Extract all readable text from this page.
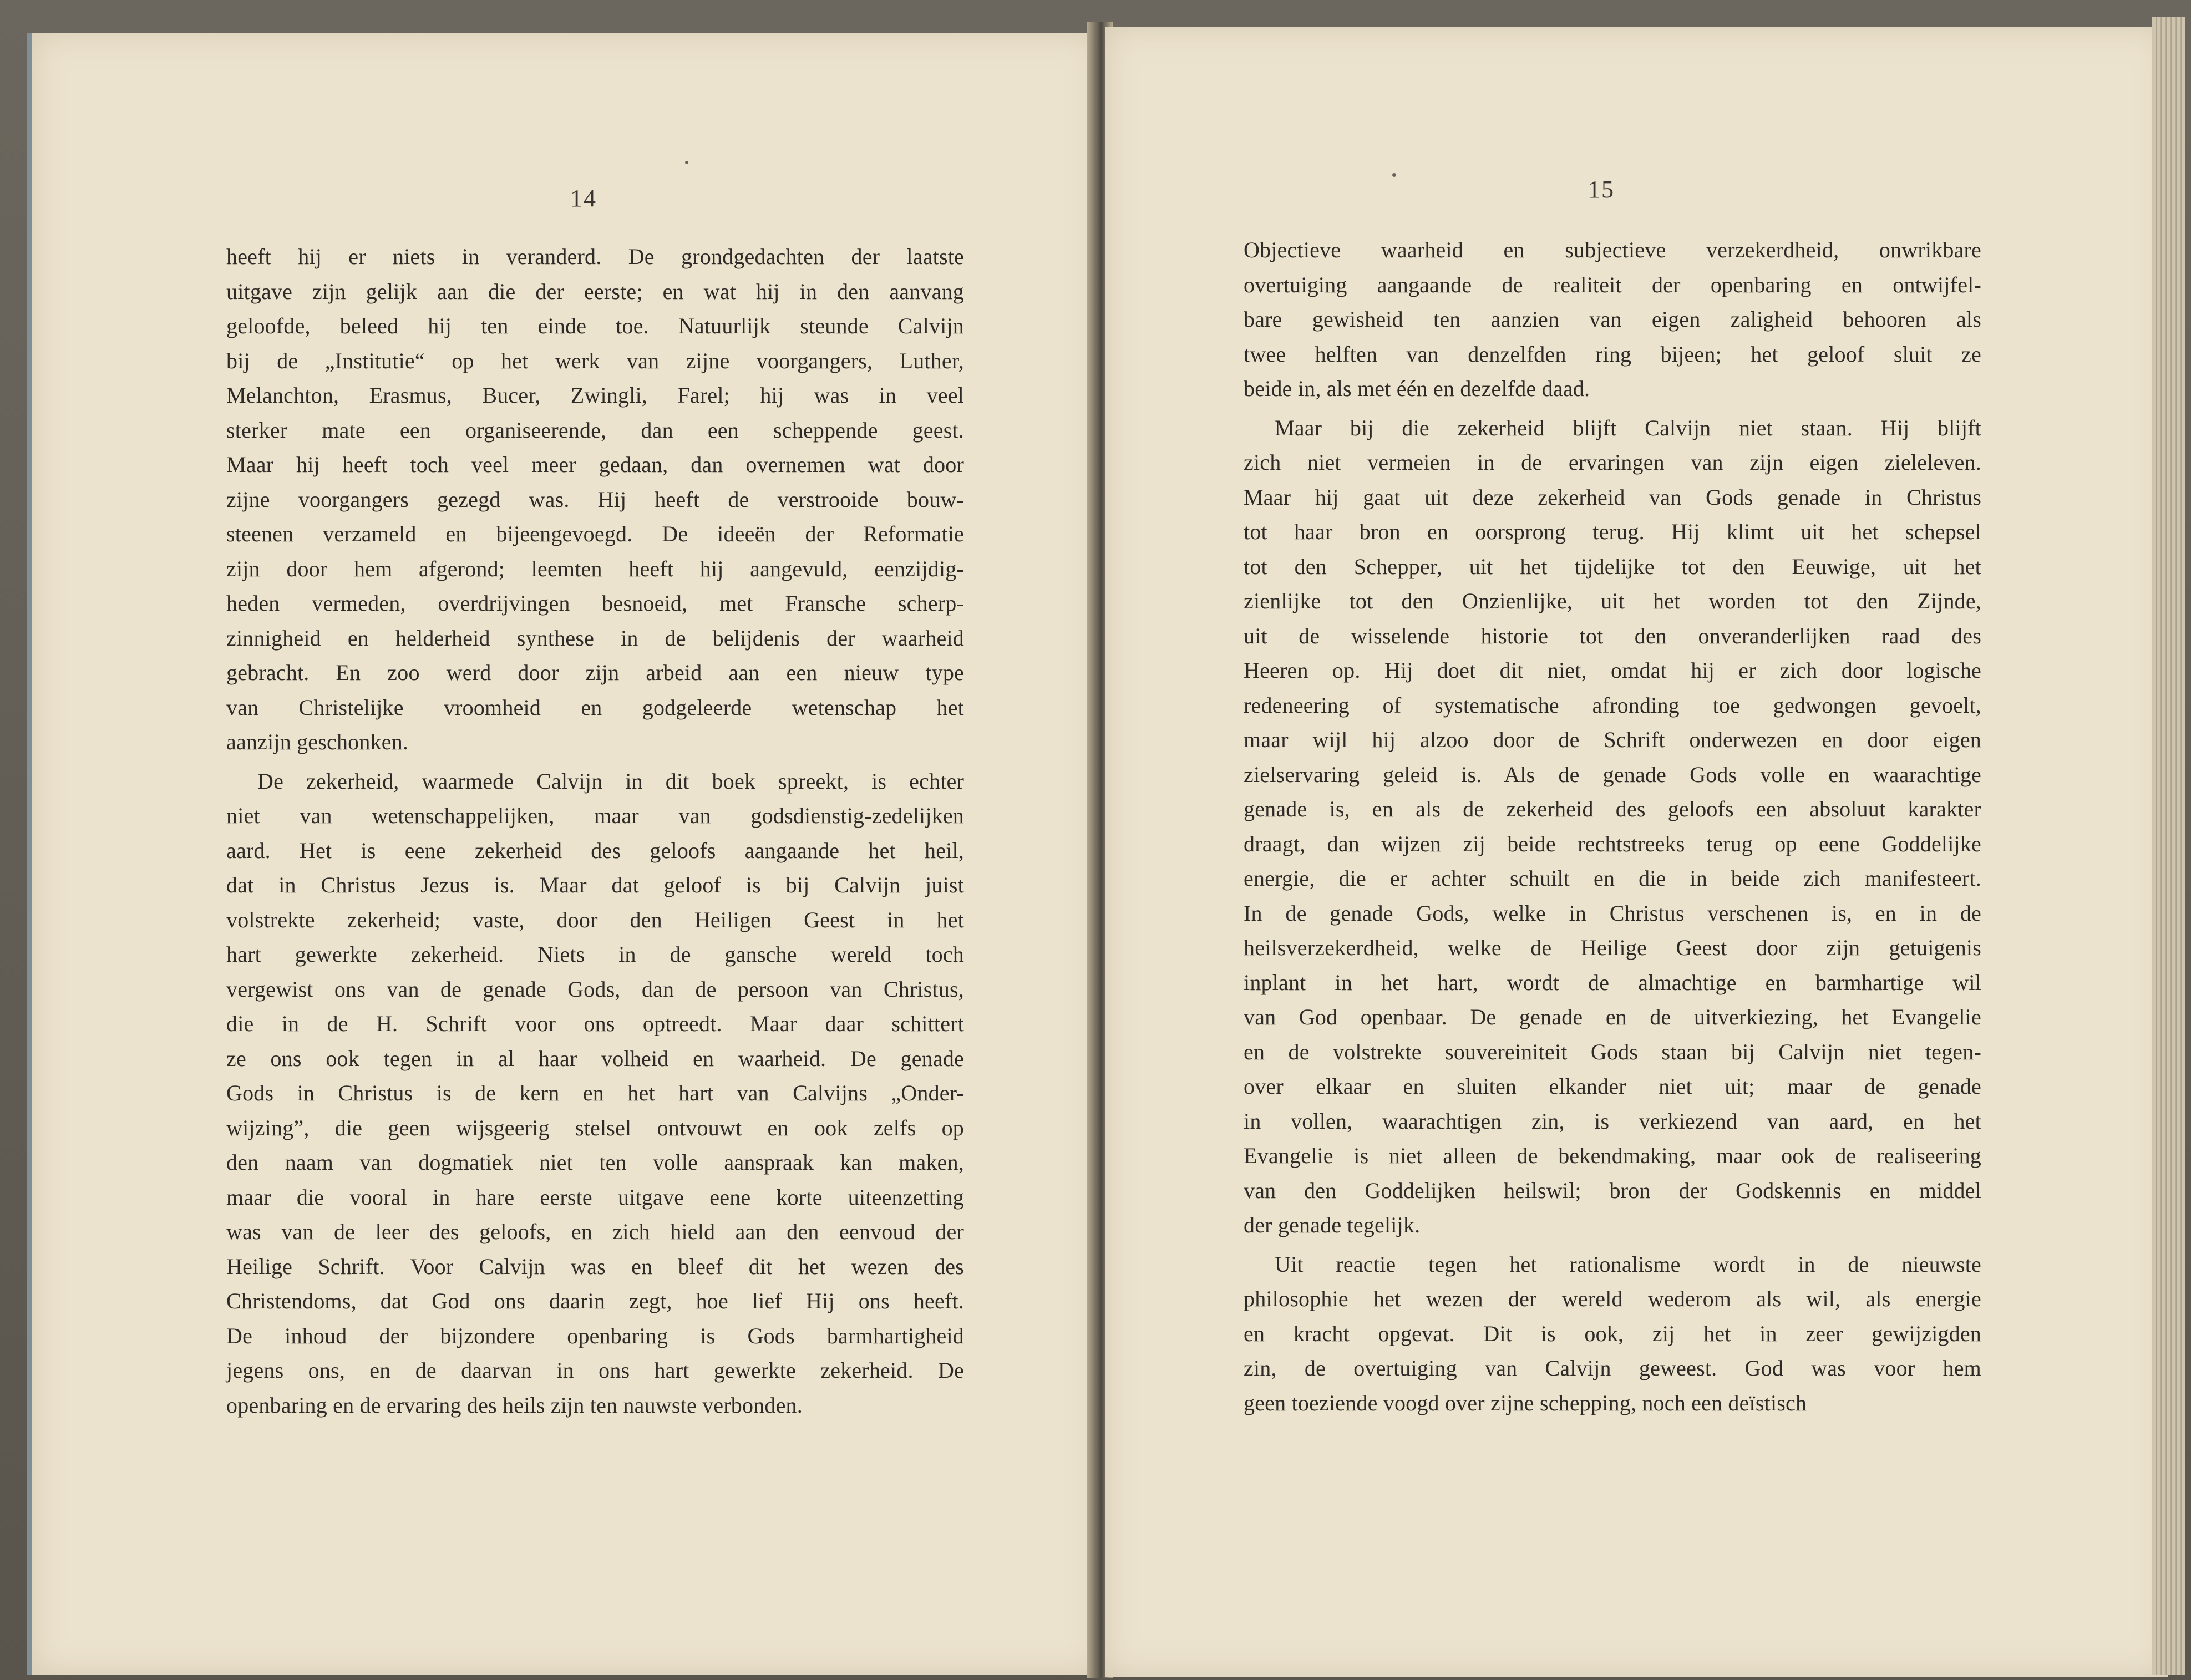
14
heeft hij er niets in veranderd. De grondgedachten der laatste
uitgave zijn gelijk aan die der eerste; en wat hij in den aanvang
geloofde, beleed hij ten einde toe. Natuurlijk steunde Calvijn
bij de „Institutie“ op het werk van zijne voorgangers, Luther,
Melanchton, Erasmus, Bucer, Zwingli, Farel; hij was in veel
sterker mate een organiseerende, dan een scheppende geest.
Maar hij heeft toch veel meer gedaan, dan overnemen wat door
zijne voorgangers gezegd was. Hij heeft de verstrooide bouw-
steenen verzameld en bijeengevoegd. De ideeën der Reformatie
zijn door hem afgerond; leemten heeft hij aangevuld, eenzijdig-
heden vermeden, overdrijvingen besnoeid, met Fransche scherp-
zinnigheid en helderheid synthese in de belijdenis der waarheid
gebracht. En zoo werd door zijn arbeid aan een nieuw type
van Christelijke vroomheid en godgeleerde wetenschap het
aanzijn geschonken.
De zekerheid, waarmede Calvijn in dit boek spreekt, is echter
niet van wetenschappelijken, maar van godsdienstig-zedelijken
aard. Het is eene zekerheid des geloofs aangaande het heil,
dat in Christus Jezus is. Maar dat geloof is bij Calvijn juist
volstrekte zekerheid; vaste, door den Heiligen Geest in het
hart gewerkte zekerheid. Niets in de gansche wereld toch
vergewist ons van de genade Gods, dan de persoon van Christus,
die in de H. Schrift voor ons optreedt. Maar daar schittert
ze ons ook tegen in al haar volheid en waarheid. De genade
Gods in Christus is de kern en het hart van Calvijns „Onder-
wijzing”, die geen wijsgeerig stelsel ontvouwt en ook zelfs op
den naam van dogmatiek niet ten volle aanspraak kan maken,
maar die vooral in hare eerste uitgave eene korte uiteenzetting
was van de leer des geloofs, en zich hield aan den eenvoud der
Heilige Schrift. Voor Calvijn was en bleef dit het wezen des
Christendoms, dat God ons daarin zegt, hoe lief Hij ons heeft.
De inhoud der bijzondere openbaring is Gods barmhartigheid
jegens ons, en de daarvan in ons hart gewerkte zekerheid. De
openbaring en de ervaring des heils zijn ten nauwste verbonden.
15
Objectieve waarheid en subjectieve verzekerdheid, onwrikbare
overtuiging aangaande de realiteit der openbaring en ontwijfel-
bare gewisheid ten aanzien van eigen zaligheid behooren als
twee helften van denzelfden ring bijeen; het geloof sluit ze
beide in, als met één en dezelfde daad.
Maar bij die zekerheid blijft Calvijn niet staan. Hij blijft
zich niet vermeien in de ervaringen van zijn eigen zieleleven.
Maar hij gaat uit deze zekerheid van Gods genade in Christus
tot haar bron en oorsprong terug. Hij klimt uit het schepsel
tot den Schepper, uit het tijdelijke tot den Eeuwige, uit het
zienlijke tot den Onzienlijke, uit het worden tot den Zijnde,
uit de wisselende historie tot den onveranderlijken raad des
Heeren op. Hij doet dit niet, omdat hij er zich door logische
redeneering of systematische afronding toe gedwongen gevoelt,
maar wijl hij alzoo door de Schrift onderwezen en door eigen
zielservaring geleid is. Als de genade Gods volle en waarachtige
genade is, en als de zekerheid des geloofs een absoluut karakter
draagt, dan wijzen zij beide rechtstreeks terug op eene Goddelijke
energie, die er achter schuilt en die in beide zich manifesteert.
In de genade Gods, welke in Christus verschenen is, en in de
heilsverzekerdheid, welke de Heilige Geest door zijn getuigenis
inplant in het hart, wordt de almachtige en barmhartige wil
van God openbaar. De genade en de uitverkiezing, het Evangelie
en de volstrekte souvereiniteit Gods staan bij Calvijn niet tegen-
over elkaar en sluiten elkander niet uit; maar de genade
in vollen, waarachtigen zin, is verkiezend van aard, en het
Evangelie is niet alleen de bekendmaking, maar ook de realiseering
van den Goddelijken heilswil; bron der Godskennis en middel
der genade tegelijk.
Uit reactie tegen het rationalisme wordt in de nieuwste
philosophie het wezen der wereld wederom als wil, als energie
en kracht opgevat. Dit is ook, zij het in zeer gewijzigden
zin, de overtuiging van Calvijn geweest. God was voor hem
geen toeziende voogd over zijne schepping, noch een deïstisch
